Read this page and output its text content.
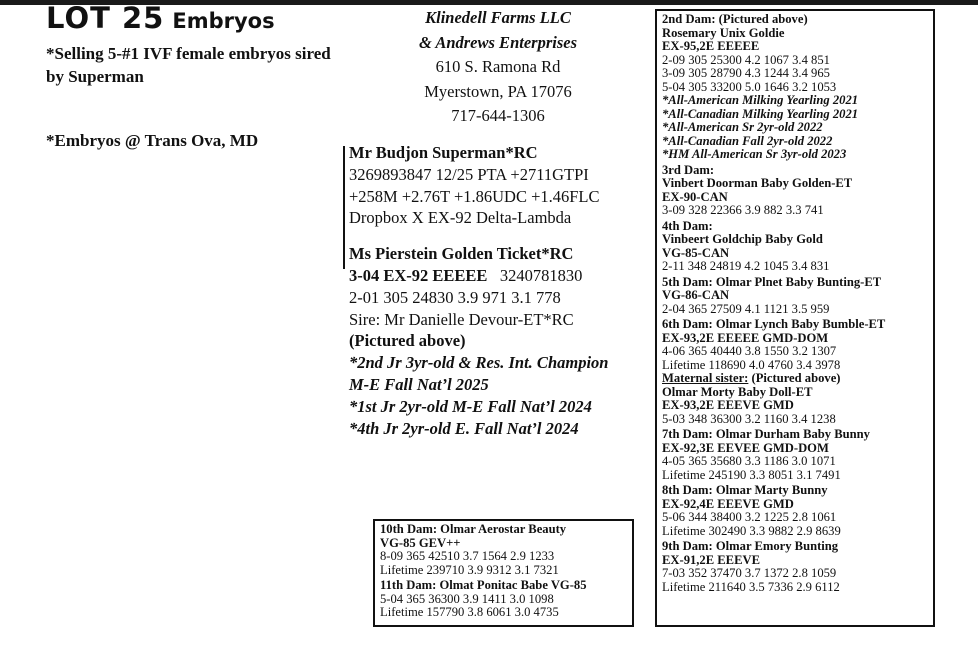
LOT 25 Embryos
*Selling 5-#1 IVF female embryos sired by Superman
*Embryos @ Trans Ova, MD
Klinedell Farms LLC
& Andrews Enterprises
610 S. Ramona Rd
Myerstown, PA 17076
717-644-1306
Mr Budjon Superman*RC
3269893847 12/25 PTA +2711GTPI
+258M +2.76T +1.86UDC +1.46FLC
Dropbox X EX-92 Delta-Lambda
Ms Pierstein Golden Ticket*RC
3-04 EX-92 EEEEE 3240781830
2-01 305 24830 3.9 971 3.1 778
Sire: Mr Danielle Devour-ET*RC
(Pictured above)
*2nd Jr 3yr-old & Res. Int. Champion
M-E Fall Nat’l 2025
*1st Jr 2yr-old M-E Fall Nat’l 2024
*4th Jr 2yr-old E. Fall Nat’l 2024
2nd Dam: (Pictured above)
Rosemary Unix Goldie
EX-95,2E EEEEE
2-09 305 25300 4.2 1067 3.4 851
3-09 305 28790 4.3 1244 3.4 965
5-04 305 33200 5.0 1646 3.2 1053
*All-American Milking Yearling 2021
*All-Canadian Milking Yearling 2021
*All-American Sr 2yr-old 2022
*All-Canadian Fall 2yr-old 2022
*HM All-American Sr 3yr-old 2023
3rd Dam:
Vinbert Doorman Baby Golden-ET
EX-90-CAN
3-09 328 22366 3.9 882 3.3 741
4th Dam:
Vinbeert Goldchip Baby Gold
VG-85-CAN
2-11 348 24819 4.2 1045 3.4 831
5th Dam: Olmar Plnet Baby Bunting-ET
VG-86-CAN
2-04 365 27509 4.1 1121 3.5 959
6th Dam: Olmar Lynch Baby Bumble-ET
EX-93,2E EEEEE GMD-DOM
4-06 365 40440 3.8 1550 3.2 1307
Lifetime 118690 4.0 4760 3.4 3978
Maternal sister: (Pictured above)
Olmar Morty Baby Doll-ET
EX-93,2E EEEVE GMD
5-03 348 36300 3.2 1160 3.4 1238
7th Dam: Olmar Durham Baby Bunny
EX-92,3E EEVEE GMD-DOM
4-05 365 35680 3.3 1186 3.0 1071
Lifetime 245190 3.3 8051 3.1 7491
8th Dam: Olmar Marty Bunny
EX-92,4E EEEVE GMD
5-06 344 38400 3.2 1225 2.8 1061
Lifetime 302490 3.3 9882 2.9 8639
9th Dam: Olmar Emory Bunting
EX-91,2E EEEVE
7-03 352 37470 3.7 1372 2.8 1059
Lifetime 211640 3.5 7336 2.9 6112
10th Dam: Olmar Aerostar Beauty
VG-85 GEV++
8-09 365 42510 3.7 1564 2.9 1233
Lifetime 239710 3.9 9312 3.1 7321
11th Dam: Olmat Ponitac Babe VG-85
5-04 365 36300 3.9 1411 3.0 1098
Lifetime 157790 3.8 6061 3.0 4735
